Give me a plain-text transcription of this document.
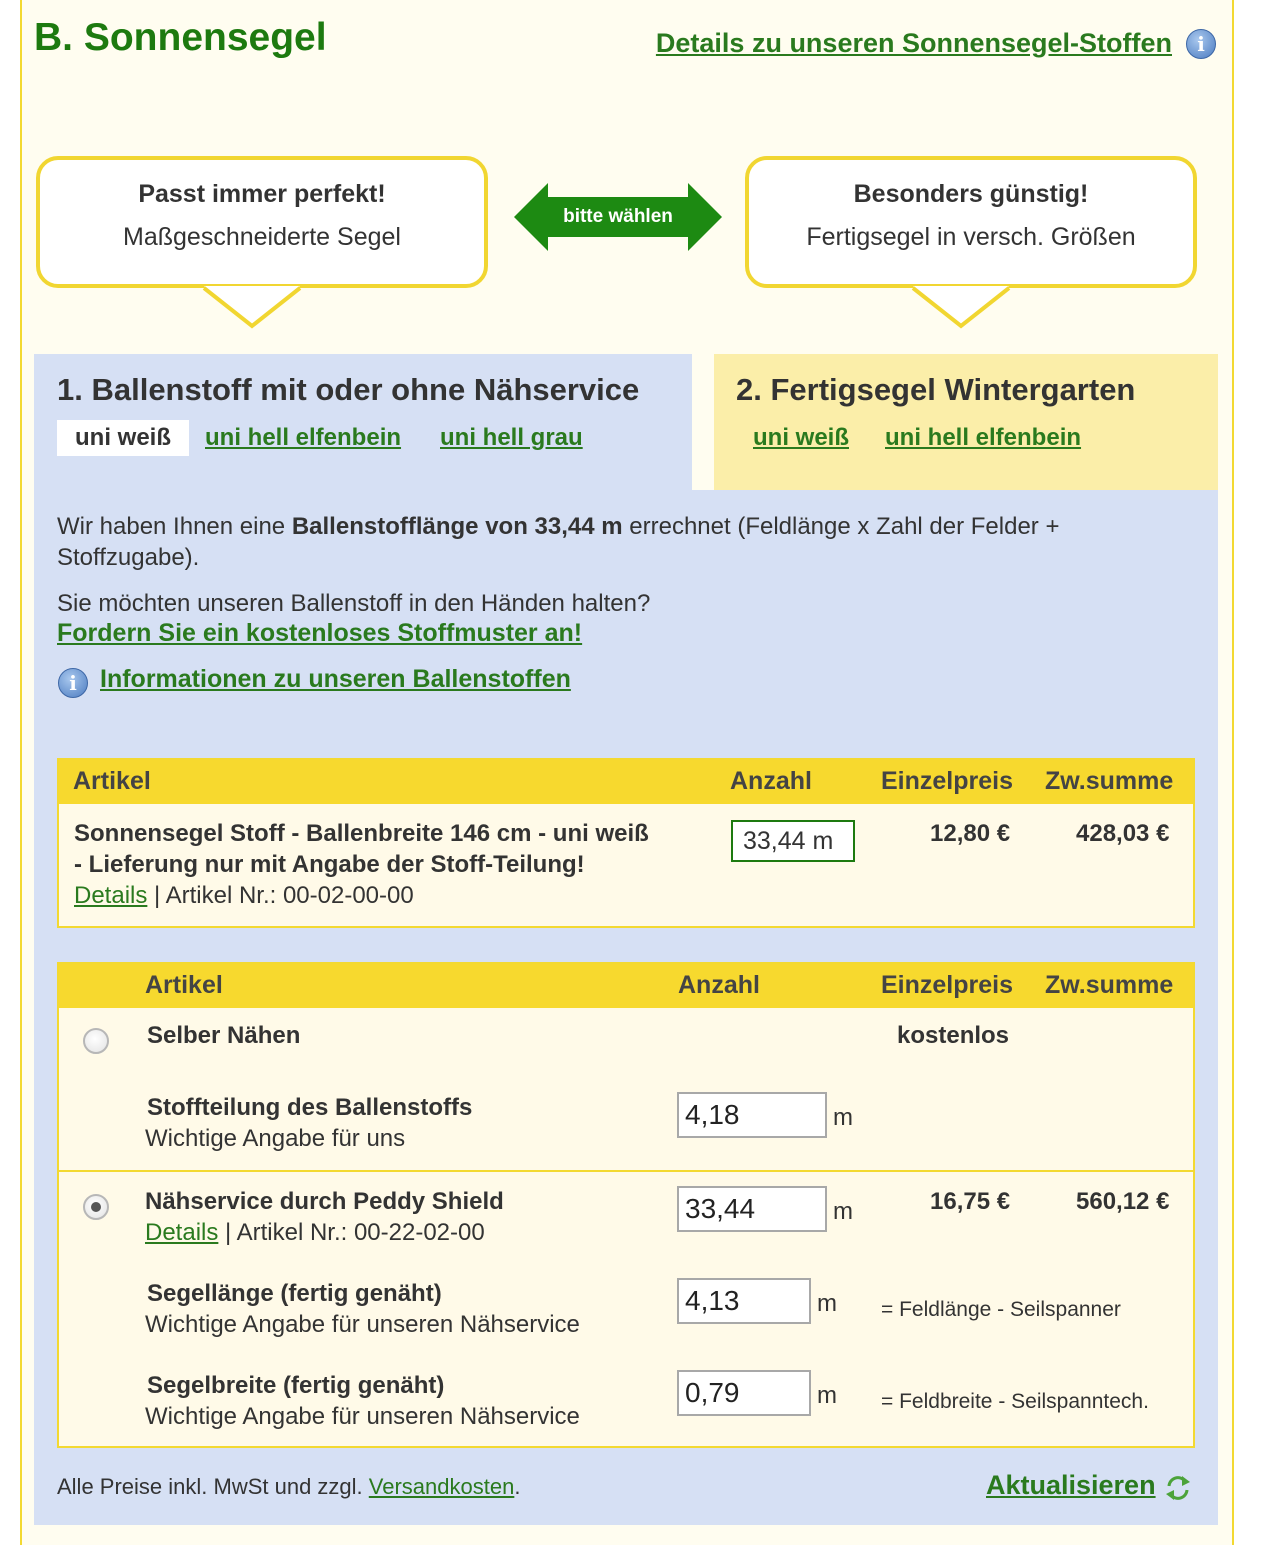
B. Sonnensegel	Details zu unseren Sonnensegel-Stoffen	i
Passt immer perfekt!
Maßgeschneiderte Segel
bitte wählen
Besonders günstig!
Fertigsegel in versch. Größen
1. Ballenstoff mit oder ohne Nähservice	2. Fertigsegel Wintergarten
uni weiß	uni hell elfenbein uni hell grau	uni weiß uni hell elfenbein
Wir haben Ihnen eine Ballenstofflänge von 33,44 m errechnet (Feldlänge x Zahl der Felder +
Stoffzugabe).
Sie möchten unseren Ballenstoff in den Händen halten?
Fordern Sie ein kostenloses Stoffmuster an!
i Informationen zu unseren Ballenstoffen
Artikel	Anzahl	Einzelpreis Zw.summe
Sonnensegel Stoff - Ballenbreite 146 cm - uni weiß
- Lieferung nur mit Angabe der Stoff-Teilung!
Details | Artikel Nr.: 00-02-00-00
33,44 m	12,80 €	428,03 €
Artikel	Anzahl	Einzelpreis Zw.summe
Selber Nähen	kostenlos
Stoffteilung des Ballenstoffs
Wichtige Angabe für uns
4,18	m
Nähservice durch Peddy Shield
Details | Artikel Nr.: 00-22-02-00
33,44	m	16,75 €	560,12 €
Segellänge (fertig genäht)
Wichtige Angabe für unseren Nähservice
4,13	m = Feldlänge - Seilspanner
Segelbreite (fertig genäht)
Wichtige Angabe für unseren Nähservice
0,79	m = Feldbreite - Seilspanntech.
Alle Preise inkl. MwSt und zzgl. Versandkosten.	Aktualisieren
